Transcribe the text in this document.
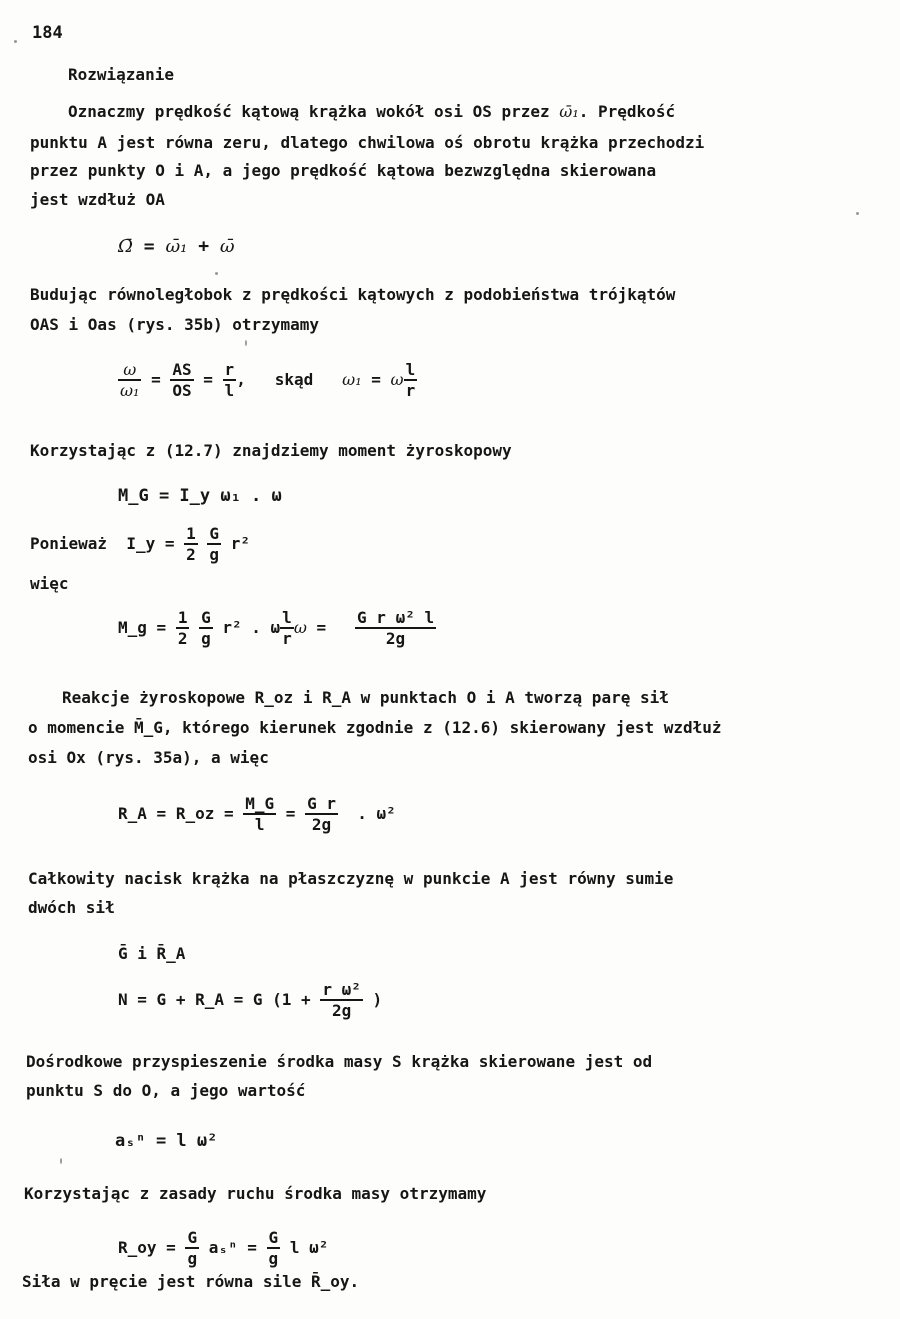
184
Rozwiązanie
Oznaczmy prędkość kątową krążka wokół osi OS przez ω̄₁. Prędkość
punktu A jest równa zeru, dlatego chwilowa oś obrotu krążka przechodzi
przez punkty O i A, a jego prędkość kątowa bezwzględna skierowana
jest wzdłuż OA
Ω̄ = ω̄₁ + ω̄
Budując równoległobok z prędkości kątowych z podobieństwa trójkątów
OAS i Oas (rys. 35b) otrzymamy
$\frac{\omega}{\text{ω₁}} = \frac{AS}{OS} = \frac{r}{l}$ ,   skąd   ω₁ = ω $\frac{l}{r}$
Korzystając z (12.7) znajdziemy moment żyroskopowy
M_G = I_y ω₁ . ω
Ponieważ I_y = $\frac{1}{2}$
$\frac{G}{g} r^2$
więc
M_g = $\frac{1}{2}$
$\frac{G}{g} r^2$ . ω $\frac{l}{r}$ $\omega = \frac{\text{G r ω² l}}{2g}$
Reakcje żyroskopowe R_oz i R_A w punktach O i A tworzą parę sił
o momencie M̄_G, którego kierunek zgodnie z (12.6) skierowany jest wzdłuż
osi Ox (rys. 35a), a więc
R_A = R_oz = $\frac{M\_G}{l} = \frac{\text{G r}}{2g}$ . ω²
Całkowity nacisk krążka na płaszczyznę w punkcie A jest równy sumie
dwóch sił
Ḡ i R̄_A
N = G + R_A = G ($1 + \frac{\text{r ω²}}{2g}$ )
Dośrodkowe przyspieszenie środka masy S krążka skierowane jest od
punktu S do O, a jego wartość
aₛⁿ = l ω²
Korzystając z zasady ruchu środka masy otrzymamy
R_oy = $\frac{G}{g}$ $a_s^n = \frac{G}{g}$ l ω²
Siła w pręcie jest równa sile R̄_oy.
